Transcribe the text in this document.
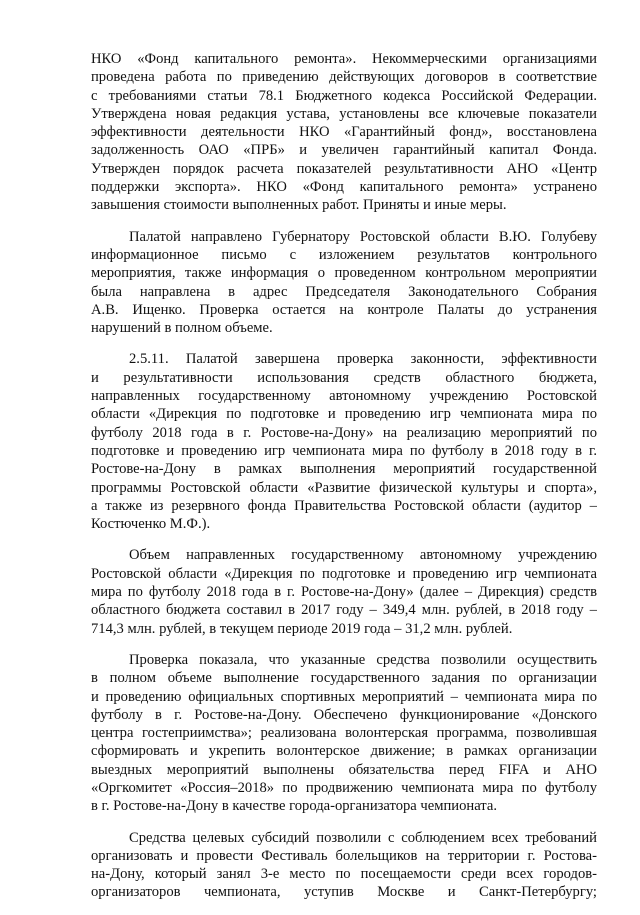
НКО «Фонд капитального ремонта». Некоммерческими организациями
проведена работа по приведению действующих договоров в соответствие
с требованиями статьи 78.1 Бюджетного кодекса Российской Федерации.
Утверждена новая редакция устава, установлены все ключевые показатели
эффективности деятельности НКО «Гарантийный фонд», восстановлена
задолженность ОАО «ПРБ» и увеличен гарантийный капитал Фонда.
Утвержден порядок расчета показателей результативности АНО «Центр
поддержки экспорта». НКО «Фонд капитального ремонта» устранено
завышения стоимости выполненных работ. Приняты и иные меры.
Палатой направлено Губернатору Ростовской области В.Ю. Голубеву
информационное письмо с изложением результатов контрольного
мероприятия, также информация о проведенном контрольном мероприятии
была направлена в адрес Председателя Законодательного Собрания
А.В. Ищенко. Проверка остается на контроле Палаты до устранения
нарушений в полном объеме.
2.5.11. Палатой завершена проверка законности, эффективности
и результативности использования средств областного бюджета,
направленных государственному автономному учреждению Ростовской
области «Дирекция по подготовке и проведению игр чемпионата мира по
футболу 2018 года в г. Ростове-на-Дону» на реализацию мероприятий по
подготовке и проведению игр чемпионата мира по футболу в 2018 году в г.
Ростове-на-Дону в рамках выполнения мероприятий государственной
программы Ростовской области «Развитие физической культуры и спорта»,
а также из резервного фонда Правительства Ростовской области (аудитор –
Костюченко М.Ф.).
Объем направленных государственному автономному учреждению
Ростовской области «Дирекция по подготовке и проведению игр чемпионата
мира по футболу 2018 года в г. Ростове-на-Дону» (далее – Дирекция) средств
областного бюджета составил в 2017 году – 349,4 млн. рублей, в 2018 году –
714,3 млн. рублей, в текущем периоде 2019 года – 31,2 млн. рублей.
Проверка показала, что указанные средства позволили осуществить
в полном объеме выполнение государственного задания по организации
и проведению официальных спортивных мероприятий – чемпионата мира по
футболу в г. Ростове-на-Дону. Обеспечено функционирование «Донского
центра гостеприимства»; реализована волонтерская программа, позволившая
сформировать и укрепить волонтерское движение; в рамках организации
выездных мероприятий выполнены обязательства перед FIFA и АНО
«Оргкомитет «Россия–2018» по продвижению чемпионата мира по футболу
в г. Ростове-на-Дону в качестве города-организатора чемпионата.
Средства целевых субсидий позволили с соблюдением всех требований
организовать и провести Фестиваль болельщиков на территории г. Ростова-
на-Дону, который занял 3-е место по посещаемости среди всех городов-
организаторов чемпионата, уступив Москве и Санкт-Петербургу;
